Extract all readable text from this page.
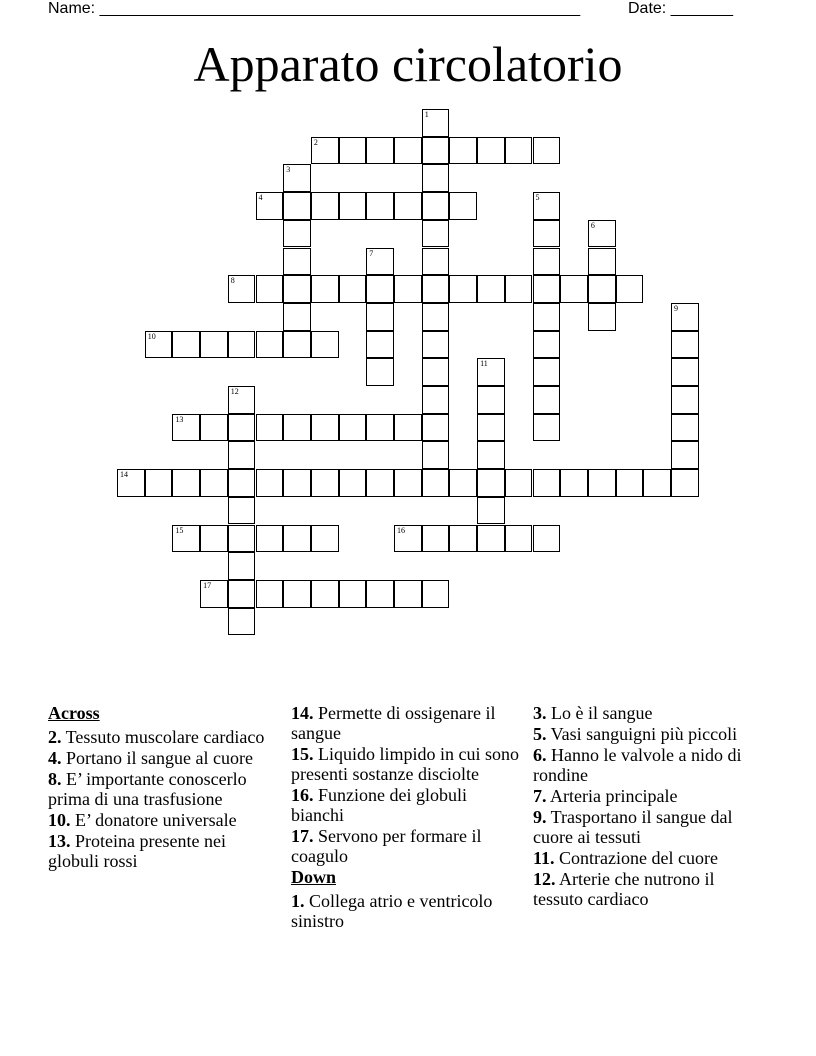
Name: ______________________________________________________	Date: _______
Apparato circolatorio
1
2
3
4	5
6
7
8
9
10
11
12
13
14
15	16
17
Across
2. Tessuto muscolare cardiaco
4. Portano il sangue al cuore
8. E’ importante conoscerlo prima di una trasfusione
10. E’ donatore universale
13. Proteina presente nei globuli rossi
14. Permette di ossigenare il sangue
15. Liquido limpido in cui sono presenti sostanze disciolte
16. Funzione dei globuli bianchi
17. Servono per formare il coagulo
Down
1. Collega atrio e ventricolo sinistro
3. Lo è il sangue
5. Vasi sanguigni più piccoli
6. Hanno le valvole a nido di rondine
7. Arteria principale
9. Trasportano il sangue dal cuore ai tessuti
11. Contrazione del cuore
12. Arterie che nutrono il tessuto cardiaco
